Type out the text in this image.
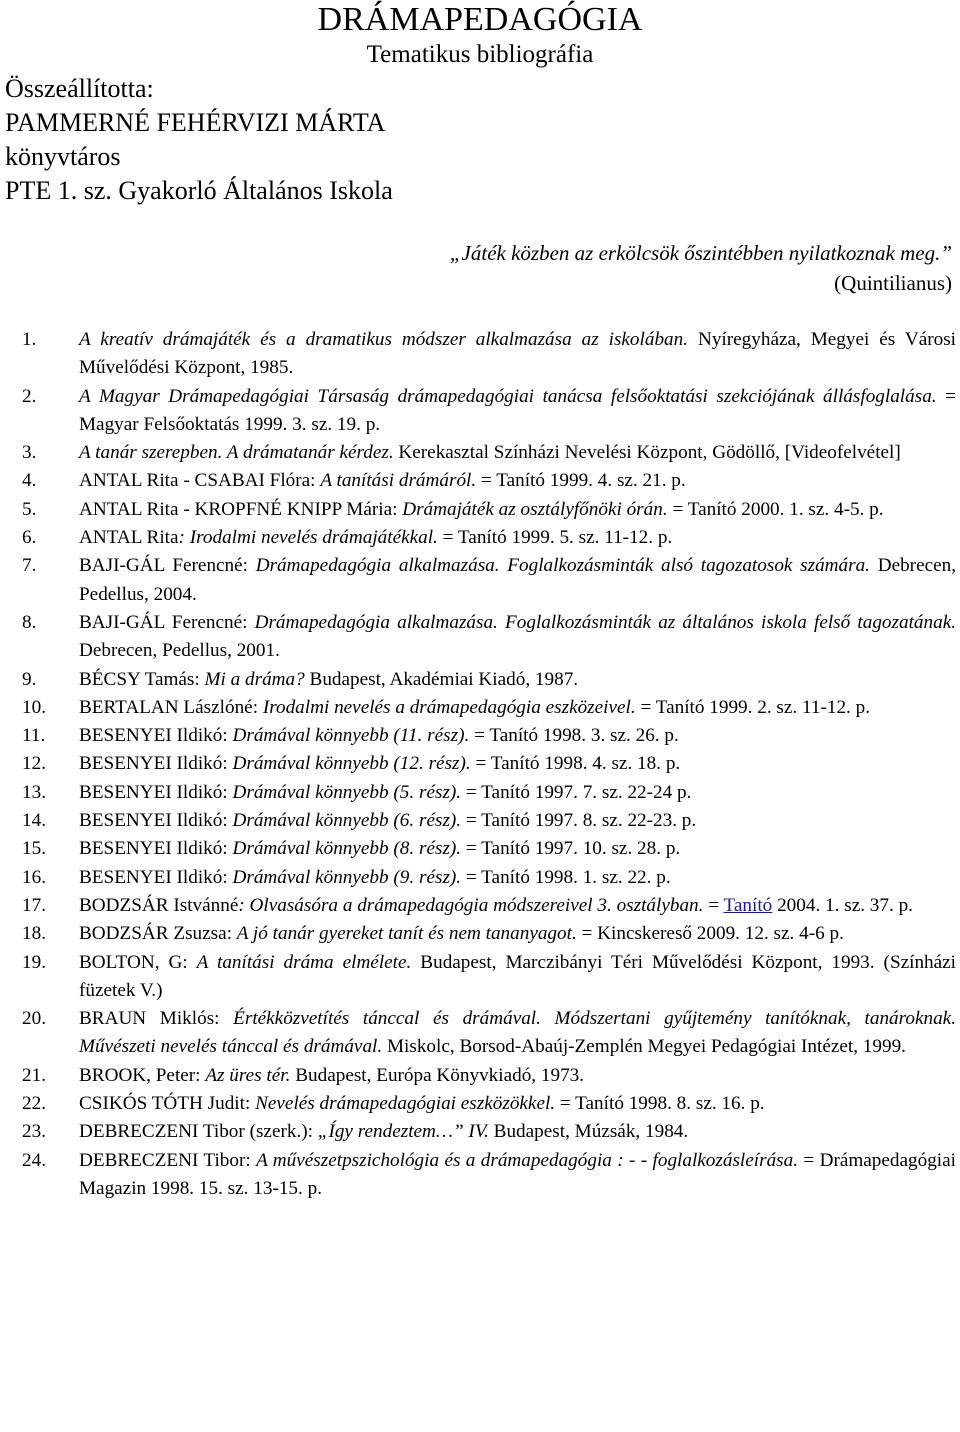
DRÁMAPEDAGÓGIA
Tematikus bibliográfia
Összeállította:
PAMMERNÉ FEHÉRVIZI MÁRTA
könyvtáros
PTE 1. sz. Gyakorló Általános Iskola
„Játék közben az erkölcsök őszintébben nyilatkoznak meg.”
(Quintilianus)
1. A kreatív drámajáték és a dramatikus módszer alkalmazása az iskolában. Nyíregyháza, Megyei és Városi Művelődési Központ, 1985.
2. A Magyar Drámapedagógiai Társaság drámapedagógiai tanácsa felsőoktatási szekciójának állásfoglalása. = Magyar Felsőoktatás 1999. 3. sz. 19. p.
3. A tanár szerepben. A drámatanár kérdez. Kerekasztal Színházi Nevelési Központ, Gödöllő, [Videofelvétel]
4. ANTAL Rita - CSABAI Flóra: A tanítási drámáról. = Tanító 1999. 4. sz. 21. p.
5. ANTAL Rita - KROPFNÉ KNIPP Mária: Drámajáték az osztályfőnöki órán. = Tanító 2000. 1. sz. 4-5. p.
6. ANTAL Rita: Irodalmi nevelés drámajátékkal. = Tanító 1999. 5. sz. 11-12. p.
7. BAJI-GÁL Ferencné: Drámapedagógia alkalmazása. Foglalkozásminták alsó tagozatosok számára. Debrecen, Pedellus, 2004.
8. BAJI-GÁL Ferencné: Drámapedagógia alkalmazása. Foglalkozásminták az általános iskola felső tagozatának. Debrecen, Pedellus, 2001.
9. BÉCSY Tamás: Mi a dráma? Budapest, Akadémiai Kiadó, 1987.
10. BERTALAN Lászlóné: Irodalmi nevelés a drámapedagógia eszközeivel. = Tanító 1999. 2. sz. 11-12. p.
11. BESENYEI Ildikó: Drámával könnyebb (11. rész). = Tanító 1998. 3. sz. 26. p.
12. BESENYEI Ildikó: Drámával könnyebb (12. rész). = Tanító 1998. 4. sz. 18. p.
13. BESENYEI Ildikó: Drámával könnyebb (5. rész). = Tanító 1997. 7. sz. 22-24 p.
14. BESENYEI Ildikó: Drámával könnyebb (6. rész). = Tanító 1997. 8. sz. 22-23. p.
15. BESENYEI Ildikó: Drámával könnyebb (8. rész). = Tanító 1997. 10. sz. 28. p.
16. BESENYEI Ildikó: Drámával könnyebb (9. rész). = Tanító 1998. 1. sz. 22. p.
17. BODZSÁR Istvánné: Olvasásóra a drámapedagógia módszereivel 3. osztályban. = Tanító 2004. 1. sz. 37. p.
18. BODZSÁR Zsuzsa: A jó tanár gyereket tanít és nem tananyagot. = Kincskereső 2009. 12. sz. 4-6 p.
19. BOLTON, G: A tanítási dráma elmélete. Budapest, Marczibányi Téri Művelődési Központ, 1993. (Színházi füzetek V.)
20. BRAUN Miklós: Értékközvetítés tánccal és drámával. Módszertani gyűjtemény tanítóknak, tanároknak. Művészeti nevelés tánccal és drámával. Miskolc, Borsod-Abaúj-Zemplén Megyei Pedagógiai Intézet, 1999.
21. BROOK, Peter: Az üres tér. Budapest, Európa Könyvkiadó, 1973.
22. CSIKÓS TÓTH Judit: Nevelés drámapedagógiai eszközökkel. = Tanító 1998. 8. sz. 16. p.
23. DEBRECZENI Tibor (szerk.): „Így rendeztem…” IV. Budapest, Múzsák, 1984.
24. DEBRECZENI Tibor: A művészetpszichológia és a drámapedagógia : - - foglalkozásleírása. = Drámapedagógiai Magazin 1998. 15. sz. 13-15. p.
